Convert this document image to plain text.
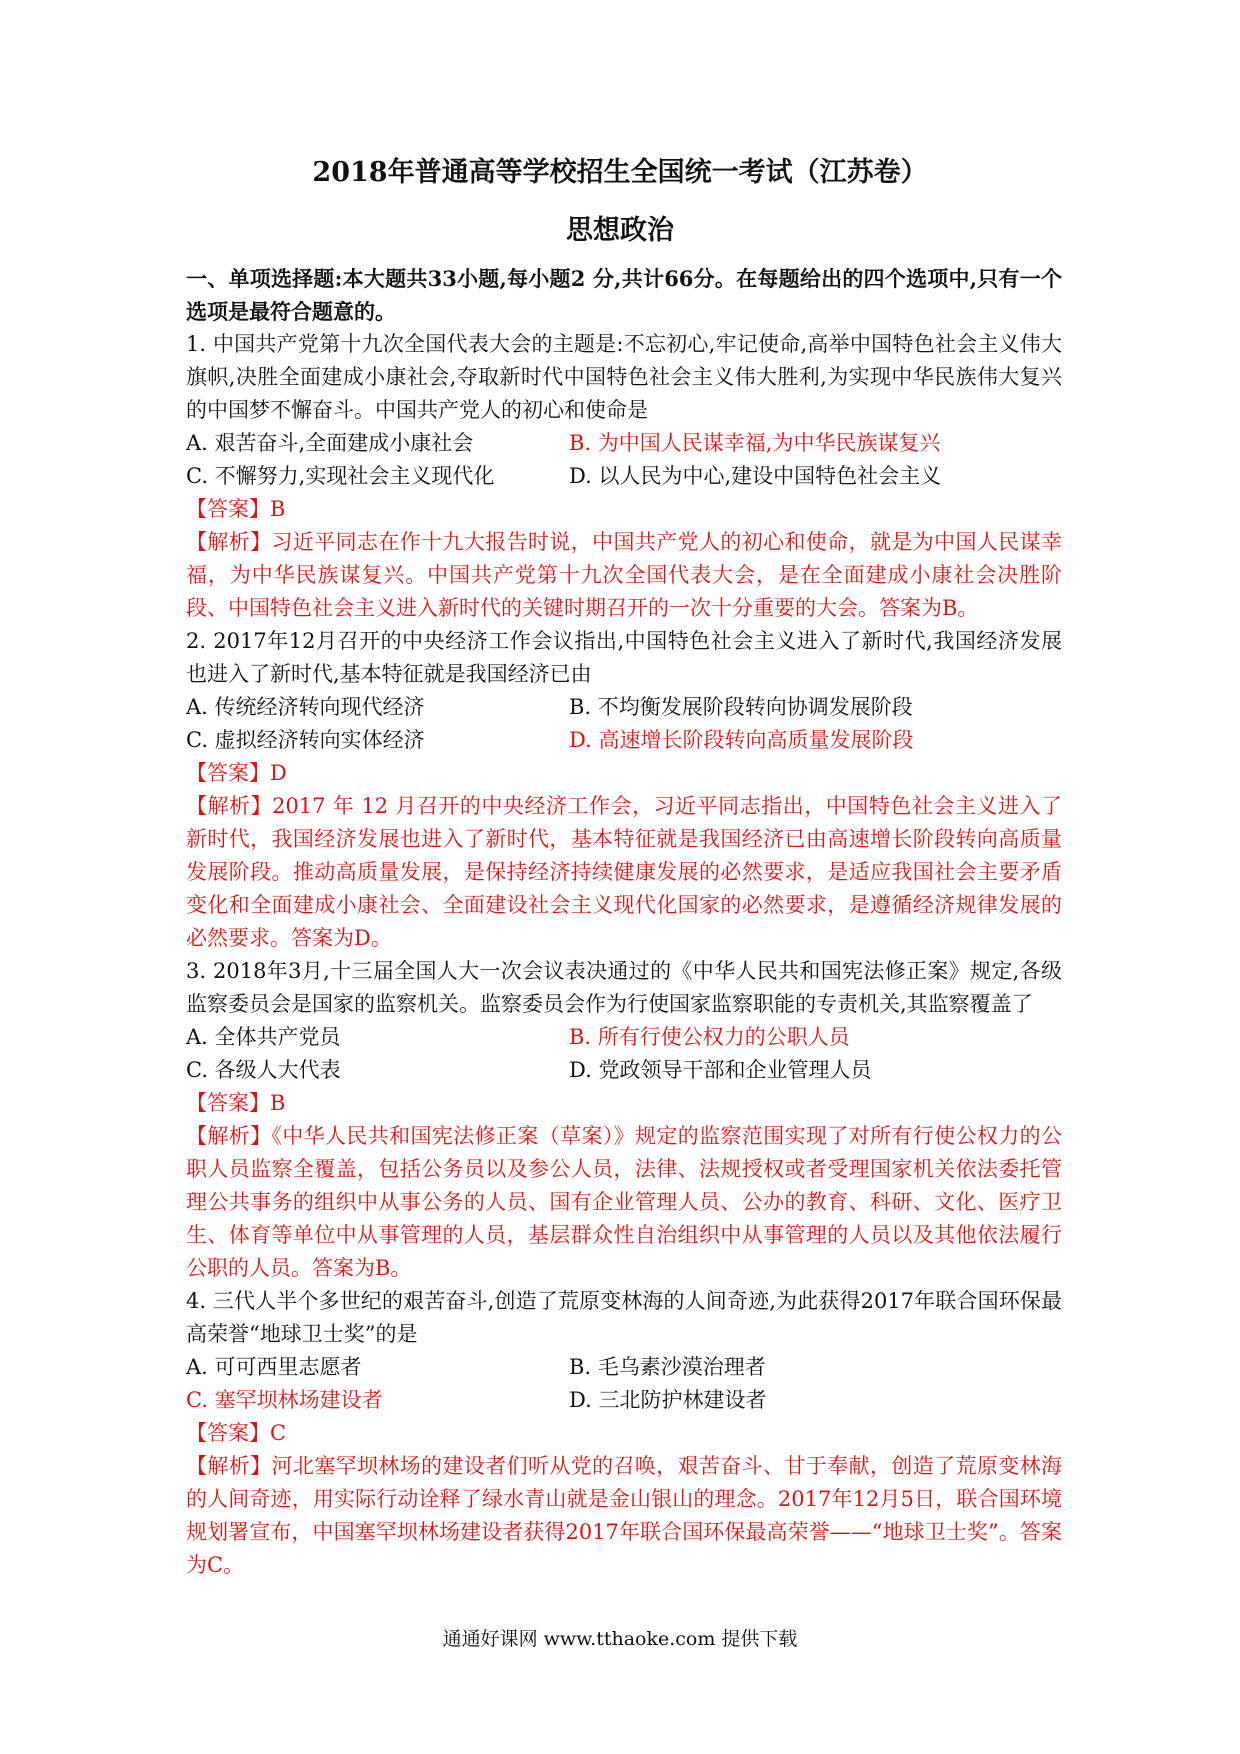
2018年普通高等学校招生全国统一考试（江苏卷）
思想政治
一、单项选择题:本大题共33小题,每小题2 分,共计66分。在每题给出的四个选项中,只有一个选项是最符合题意的。
1. 中国共产党第十九次全国代表大会的主题是:不忘初心,牢记使命,高举中国特色社会主义伟大旗帜,决胜全面建成小康社会,夺取新时代中国特色社会主义伟大胜利,为实现中华民族伟大复兴的中国梦不懈奋斗。中国共产党人的初心和使命是
A. 艰苦奋斗,全面建成小康社会	B. 为中国人民谋幸福,为中华民族谋复兴
C. 不懈努力,实现社会主义现代化	D. 以人民为中心,建设中国特色社会主义
【答案】B
【解析】习近平同志在作十九大报告时说，中国共产党人的初心和使命，就是为中国人民谋幸福，为中华民族谋复兴。中国共产党第十九次全国代表大会，是在全面建成小康社会决胜阶段、中国特色社会主义进入新时代的关键时期召开的一次十分重要的大会。答案为B。
2. 2017年12月召开的中央经济工作会议指出,中国特色社会主义进入了新时代,我国经济发展也进入了新时代,基本特征就是我国经济已由
A. 传统经济转向现代经济	B. 不均衡发展阶段转向协调发展阶段
C. 虚拟经济转向实体经济	D. 高速增长阶段转向高质量发展阶段
【答案】D
【解析】2017 年 12 月召开的中央经济工作会，习近平同志指出，中国特色社会主义进入了新时代，我国经济发展也进入了新时代，基本特征就是我国经济已由高速增长阶段转向高质量发展阶段。推动高质量发展，是保持经济持续健康发展的必然要求，是适应我国社会主要矛盾变化和全面建成小康社会、全面建设社会主义现代化国家的必然要求，是遵循经济规律发展的必然要求。答案为D。
3. 2018年3月,十三届全国人大一次会议表决通过的《中华人民共和国宪法修正案》规定,各级监察委员会是国家的监察机关。监察委员会作为行使国家监察职能的专责机关,其监察覆盖了
A. 全体共产党员	B. 所有行使公权力的公职人员
C. 各级人大代表	D. 党政领导干部和企业管理人员
【答案】B
【解析】《中华人民共和国宪法修正案（草案）》规定的监察范围实现了对所有行使公权力的公职人员监察全覆盖，包括公务员以及参公人员，法律、法规授权或者受理国家机关依法委托管理公共事务的组织中从事公务的人员、国有企业管理人员、公办的教育、科研、文化、医疗卫生、体育等单位中从事管理的人员，基层群众性自治组织中从事管理的人员以及其他依法履行公职的人员。答案为B。
4. 三代人半个多世纪的艰苦奋斗,创造了荒原变林海的人间奇迹,为此获得2017年联合国环保最高荣誉“地球卫士奖”的是
A. 可可西里志愿者	B. 毛乌素沙漠治理者
C. 塞罕坝林场建设者	D. 三北防护林建设者
【答案】C
【解析】河北塞罕坝林场的建设者们听从党的召唤，艰苦奋斗、甘于奉献，创造了荒原变林海的人间奇迹，用实际行动诠释了绿水青山就是金山银山的理念。2017年12月5日，联合国环境规划署宣布，中国塞罕坝林场建设者获得2017年联合国环保最高荣誉——“地球卫士奖”。答案为C。
通通好课网 www.tthaoke.com 提供下载
